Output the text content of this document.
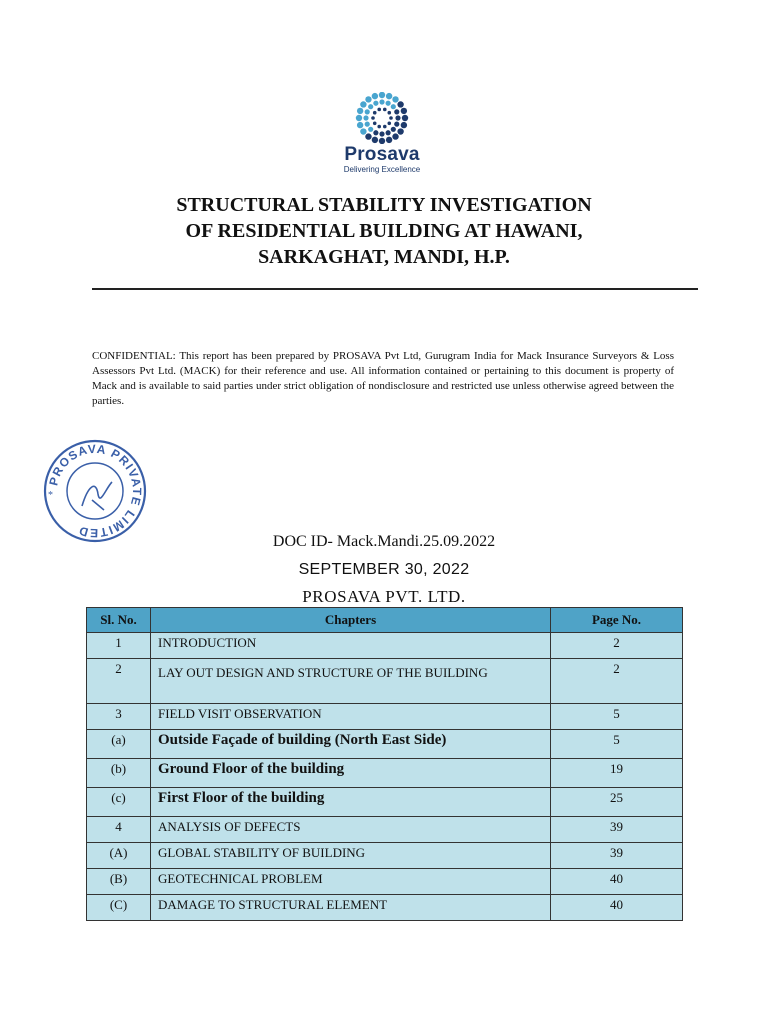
Prosava
Delivering Excellence
STRUCTURAL STABILITY INVESTIGATION
OF RESIDENTIAL BUILDING AT HAWANI,
SARKAGHAT, MANDI, H.P.
CONFIDENTIAL: This report has been prepared by PROSAVA Pvt Ltd, Gurugram India for Mack Insurance Surveyors & Loss Assessors Pvt Ltd. (MACK) for their reference and use. All information contained or pertaining to this document is property of Mack and is available to said parties under strict obligation of nondisclosure and restricted use unless otherwise agreed between the parties.
PROSAVA PRIVATE LIMITED
*
DOC ID- Mack.Mandi.25.09.2022
SEPTEMBER 30, 2022
PROSAVA PVT. LTD.
Sl. No.	Chapters	Page No.
1	INTRODUCTION	2
2	LAY OUT DESIGN AND STRUCTURE OF THE BUILDING	2
3	FIELD VISIT OBSERVATION	5
(a)	Outside Façade of building (North East Side)	5
(b)	Ground Floor of the building	19
(c)	First Floor of the building	25
4	ANALYSIS OF DEFECTS	39
(A)	GLOBAL STABILITY OF BUILDING	39
(B)	GEOTECHNICAL PROBLEM	40
(C)	DAMAGE TO STRUCTURAL ELEMENT	40
